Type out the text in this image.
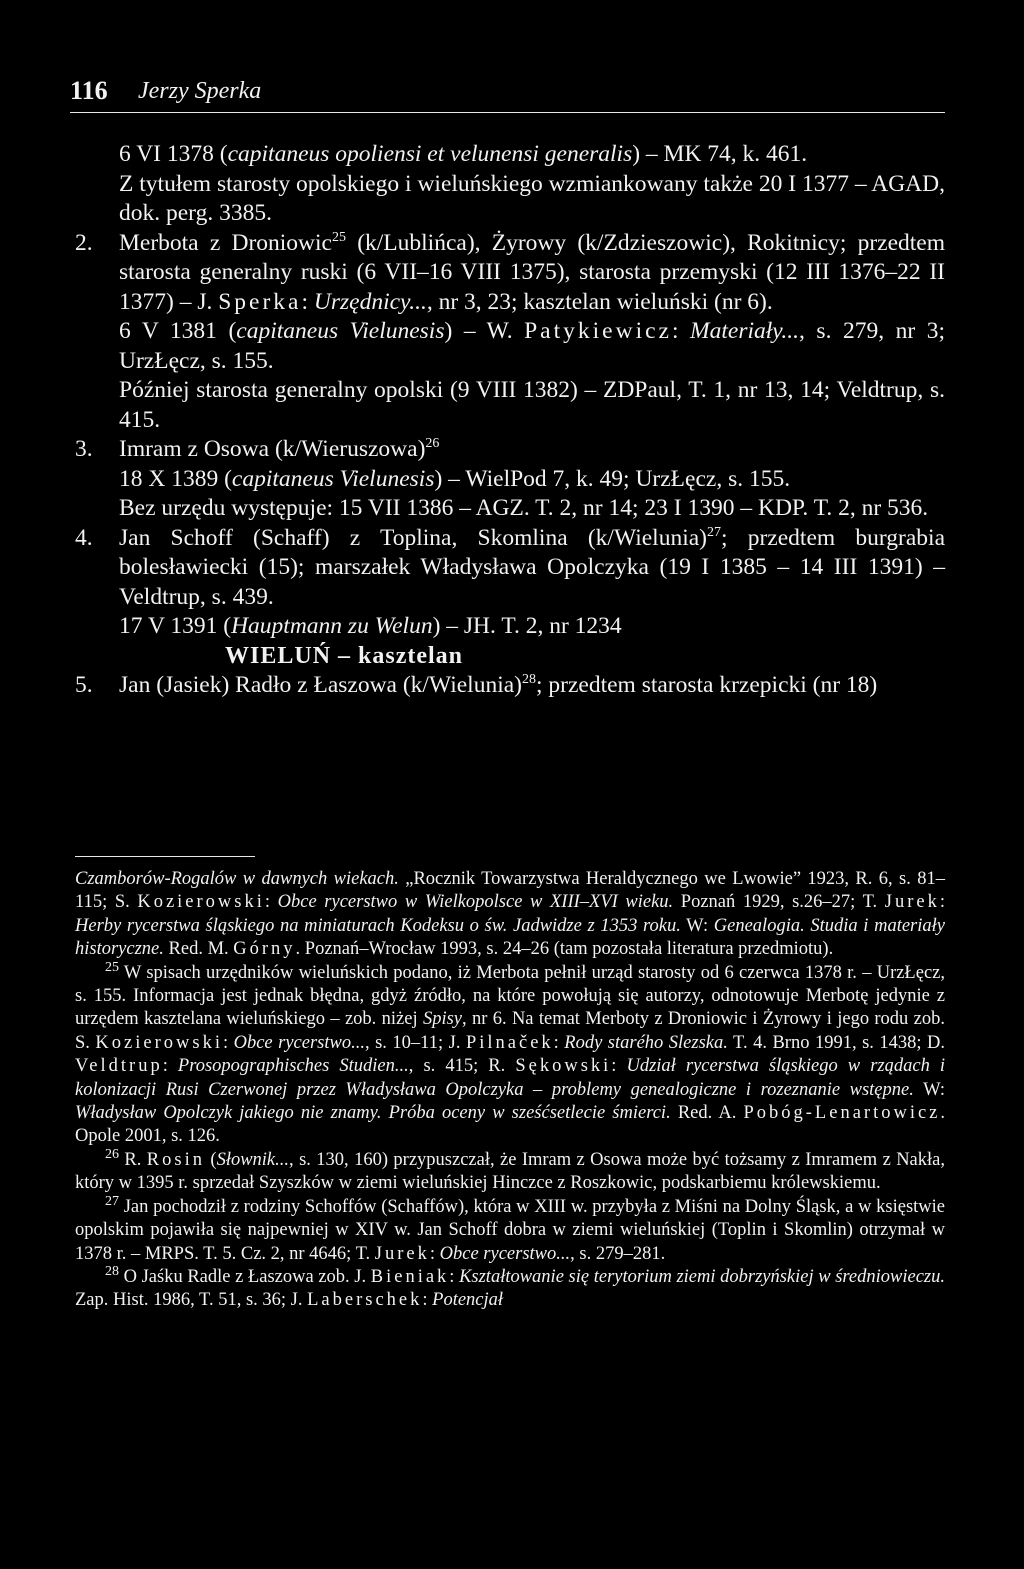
116 Jerzy Sperka

6 VI 1378 (capitaneus opoliensi et velunensi generalis) – MK 74, k. 461.

Z tytułem starosty opolskiego i wieluńskiego wzmiankowany także 20 I 1377 – AGAD, dok. perg. 3385.

2. Merbota z Droniowic$^{25}$ (k/Lublińca), Żyrowy (k/Zdzieszowic), Rokitnicy; przedtem starosta generalny ruski (6 VII–16 VIII 1375), starosta przemyski (12 III 1376–22 II 1377) – J. Sperka: Urzędnicy..., nr 3, 23; kasztelan wieluński (nr 6).

6 V 1381 (capitaneus Vielunesis) – W. Patykiewicz: Materiały..., s. 279, nr 3; UrzŁęcz, s. 155.

Później starosta generalny opolski (9 VIII 1382) – ZDPaul, T. 1, nr 13, 14; Veldtrup, s. 415.

3. Imram z Osowa (k/Wieruszowa)$^{26}$

18 X 1389 (capitaneus Vielunesis) – WielPod 7, k. 49; UrzŁęcz, s. 155.

Bez urzędu występuje: 15 VII 1386 – AGZ. T. 2, nr 14; 23 I 1390 – KDP. T. 2, nr 536.

4. Jan Schoff (Schaff) z Toplina, Skomlina (k/Wielunia)$^{27}$; przedtem burgrabia bolesławiecki (15); marszałek Władysława Opolczyka (19 I 1385 – 14 III 1391) – Veldtrup, s. 439.

17 V 1391 (Hauptmann zu Welun) – JH. T. 2, nr 1234

WIELUŃ – kasztelan

5. Jan (Jasiek) Radło z Łaszowa (k/Wielunia)$^{28}$; przedtem starosta krzepicki (nr 18)

Czamborów-Rogalów w dawnych wiekach. „Rocznik Towarzystwa Heraldycznego we Lwowie” 1923, R. 6, s. 81–115; S. Kozierowski: Obce rycerstwo w Wielkopolsce w XIII–XVI wieku. Poznań 1929, s.26–27; T. Jurek: Herby rycerstwa śląskiego na miniaturach Kodeksu o św. Jadwidze z 1353 roku. W: Genealogia. Studia i materiały historyczne. Red. M. Górny. Poznań–Wrocław 1993, s. 24–26 (tam pozostała literatura przedmiotu).

$^{25}$ W spisach urzędników wieluńskich podano, iż Merbota pełnił urząd starosty od 6 czerwca 1378 r. – UrzŁęcz, s. 155. Informacja jest jednak błędna, gdyż źródło, na które powołują się autorzy, odnotowuje Merbotę jedynie z urzędem kasztelana wieluńskiego – zob. niżej Spisy, nr 6. Na temat Merboty z Droniowic i Żyrowy i jego rodu zob. S. Kozierowski: Obce rycerstwo..., s. 10–11; J. Pilnaček: Rody starého Slezska. T. 4. Brno 1991, s. 1438; D. Veldtrup: Prosopographisches Studien..., s. 415; R. Sękowski: Udział rycerstwa śląskiego w rządach i kolonizacji Rusi Czerwonej przez Władysława Opolczyka – problemy genealogiczne i rozeznanie wstępne. W: Władysław Opolczyk jakiego nie znamy. Próba oceny w sześćsetlecie śmierci. Red. A. Pobóg-Lenartowicz. Opole 2001, s. 126.

$^{26}$ R. Rosin (Słownik..., s. 130, 160) przypuszczał, że Imram z Osowa może być tożsamy z Imramem z Nakła, który w 1395 r. sprzedał Szyszków w ziemi wieluńskiej Hinczce z Roszkowic, podskarbiemu królewskiemu.

$^{27}$ Jan pochodził z rodziny Schoffów (Schaffów), która w XIII w. przybyła z Miśni na Dolny Śląsk, a w księstwie opolskim pojawiła się najpewniej w XIV w. Jan Schoff dobra w ziemi wieluńskiej (Toplin i Skomlin) otrzymał w 1378 r. – MRPS. T. 5. Cz. 2, nr 4646; T. Jurek: Obce rycerstwo..., s. 279–281.

$^{28}$ O Jaśku Radle z Łaszowa zob. J. Bieniak: Kształtowanie się terytorium ziemi dobrzyńskiej w średniowieczu. Zap. Hist. 1986, T. 51, s. 36; J. Laberschek: Potencjał
